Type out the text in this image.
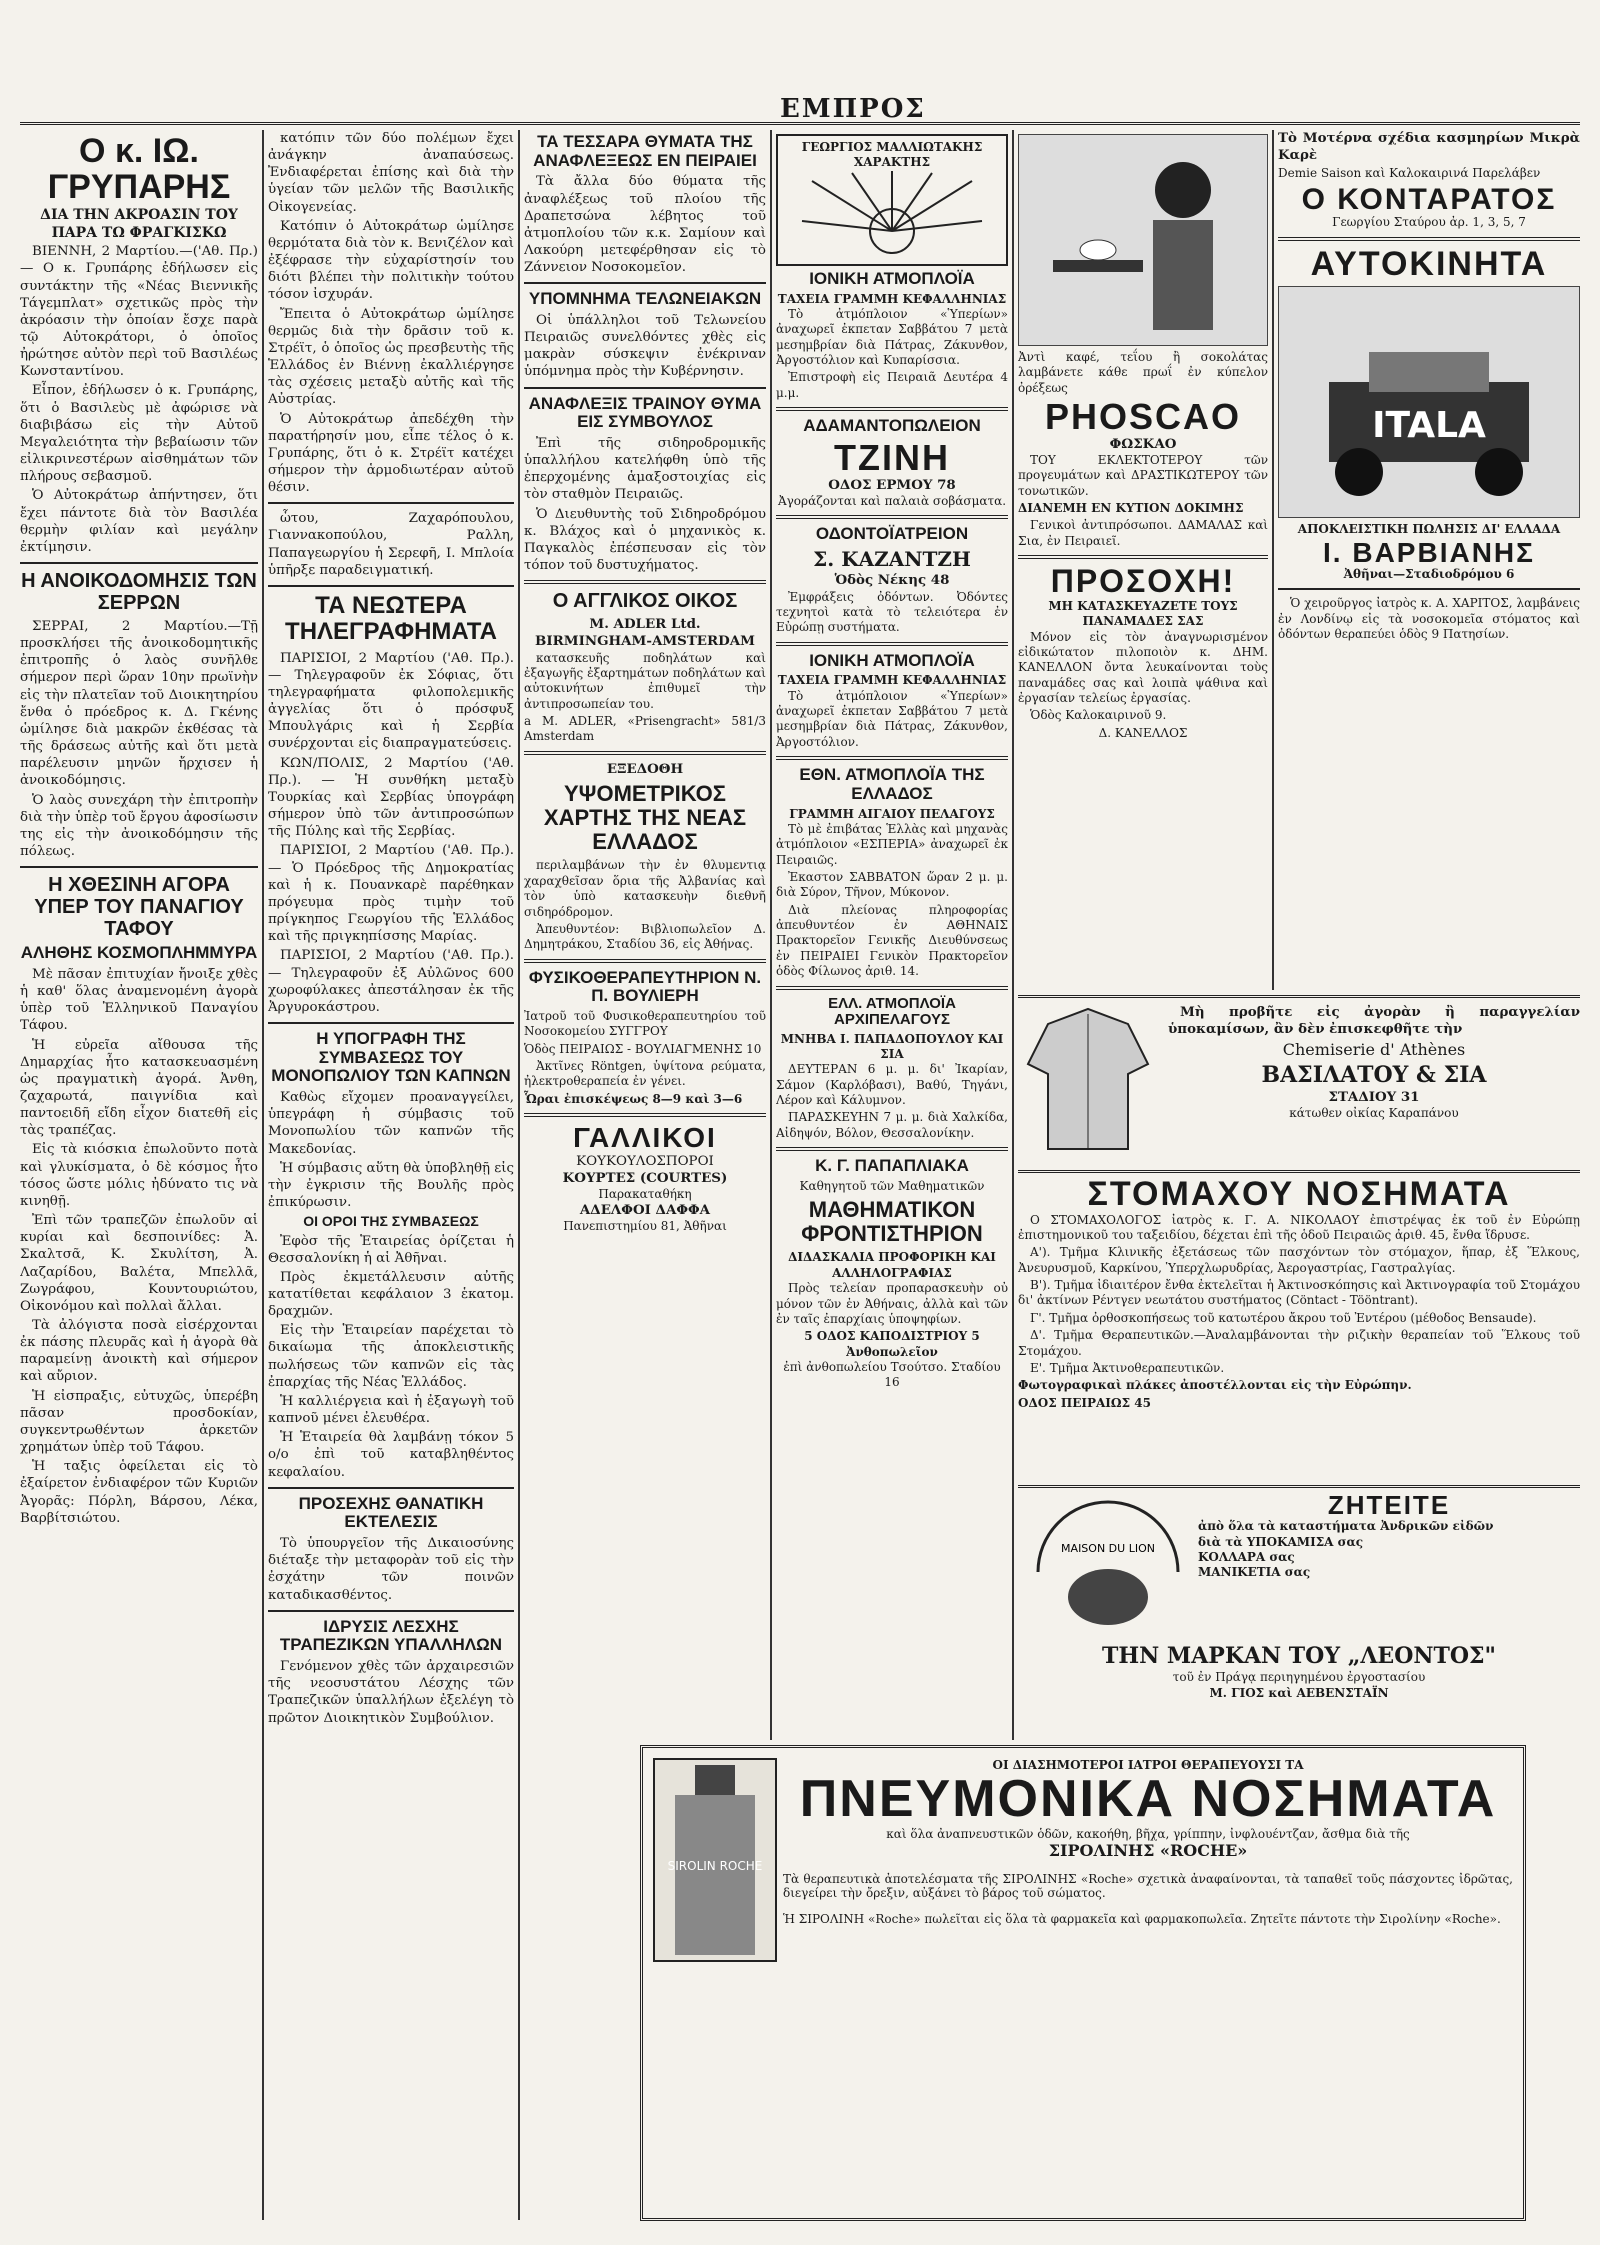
ΕΜΠΡΟΣ
Ο κ. ΙΩ. ΓΡΥΠΑΡΗΣ
ΔΙΑ ΤΗΝ ΑΚΡΟΑΣΙΝ ΤΟΥ ΠΑΡΑ ΤΩ ΦΡΑΓΚΙΣΚΩ

ΒΙΕΝΝΗ, 2 Μαρτίου.—('Αθ. Πρ.)— Ο κ. Γρυπάρης ἐδήλωσεν εἰς συντάκτην τῆς «Νέας Βιεννικῆς Τάγεμπλατ» σχετικῶς πρὸς τὴν ἀκρόασιν τὴν ὁποίαν ἔσχε παρὰ τῷ Αὐτοκράτορι, ὁ ὁποῖος ἠρώτησε αὐτὸν περὶ τοῦ Βασιλέως Κωνσταντίνου.

Εἶπον, ἐδήλωσεν ὁ κ. Γρυπάρης, ὅτι ὁ Βασιλεὺς μὲ ἀφώρισε νὰ διαβιβάσω εἰς τὴν Αὐτοῦ Μεγαλειότητα τὴν βεβαίωσιν τῶν εἰλικρινεστέρων αἰσθημάτων τῶν πλήρους σεβασμοῦ.

Ὁ Αὐτοκράτωρ ἀπήντησεν, ὅτι ἔχει πάντοτε διὰ τὸν Βασιλέα θερμὴν φιλίαν καὶ μεγάλην ἐκτίμησιν.

Η ΑΝΟΙΚΟΔΟΜΗΣΙΣ ΤΩΝ ΣΕΡΡΩΝ

ΣΕΡΡΑΙ, 2 Μαρτίου.—Τῇ προσκλήσει τῆς ἀνοικοδομητικῆς ἐπιτροπῆς ὁ λαὸς συνῆλθε σήμερον περὶ ὥραν 10ην πρωϊνὴν εἰς τὴν πλατεῖαν τοῦ Διοικητηρίου ἔνθα ὁ πρόεδρος κ. Δ. Γκένης ὡμίλησε διὰ μακρῶν ἐκθέσας τὰ τῆς δράσεως αὐτῆς καὶ ὅτι μετὰ παρέλευσιν μηνῶν ἤρχισεν ἡ ἀνοικοδόμησις.

Ὁ λαὸς συνεχάρη τὴν ἐπιτροπὴν διὰ τὴν ὑπὲρ τοῦ ἔργου ἀφοσίωσιν της εἰς τὴν ἀνοικοδόμησιν τῆς πόλεως.

Η ΧΘΕΣΙΝΗ ΑΓΟΡΑ ΥΠΕΡ ΤΟΥ ΠΑΝΑΓΙΟΥ ΤΑΦΟΥ
ΑΛΗΘΗΣ ΚΟΣΜΟΠΛΗΜΜΥΡΑ

Μὲ πᾶσαν ἐπιτυχίαν ἤνοιξε χθὲς ἡ καθ' ὅλας ἀναμενομένη ἀγορὰ ὑπὲρ τοῦ Ἐλληνικοῦ Παναγίου Τάφου.

Ἡ εὐρεῖα αἴθουσα τῆς Δημαρχίας ἦτο κατασκευασμένη ὡς πραγματικὴ ἀγορά. Ἀνθη, ζαχαρωτά, παιγνίδια καὶ παντοειδῆ εἴδη εἶχον διατεθῆ εἰς τὰς τραπέζας.

Εἰς τὰ κιόσκια ἐπωλοῦντο ποτὰ καὶ γλυκίσματα, ὁ δὲ κόσμος ἦτο τόσος ὥστε μόλις ἠδύνατο τις νὰ κινηθῇ.

Ἐπὶ τῶν τραπεζῶν ἐπωλοῦν αἱ κυρίαι καὶ δεσποινίδες: Ἀ. Σκαλτσᾶ, Κ. Σκυλίτση, Ἀ. Λαζαρίδου, Βαλέτα, Μπελλᾶ, Ζωγράφου, Κουντουριώτου, Οἰκονόμου καὶ πολλαὶ ἄλλαι.

Τὰ ἀλόγιστα ποσὰ εἰσέρχονται ἐκ πάσης πλευρᾶς καὶ ἡ ἀγορὰ θὰ παραμείνῃ ἀνοικτὴ καὶ σήμερον καὶ αὔριον.

Ἡ εἰσπραξις, εὐτυχῶς, ὑπερέβη πᾶσαν προσδοκίαν, συγκεντρωθέντων ἀρκετῶν χρημάτων ὑπὲρ τοῦ Τάφου.

Ἡ ταξις ὁφείλεται εἰς τὸ ἐξαίρετον ἐνδιαφέρον τῶν Κυριῶν Ἀγορᾶς: Πόρλη, Βάρσου, Λέκα, Βαρβίτσιώτου.

κατόπιν τῶν δύο πολέμων ἔχει ἀνάγκην ἀναπαύσεως. Ἐνδιαφέρεται ἐπίσης καὶ διὰ τὴν ὑγείαν τῶν μελῶν τῆς Βασιλικῆς Οἰκογενείας.

Κατόπιν ὁ Αὐτοκράτωρ ὡμίλησε θερμότατα διὰ τὸν κ. Βενιζέλον καὶ ἐξέφρασε τὴν εὐχαρίστησίν του διότι βλέπει τὴν πολιτικὴν τούτου τόσον ἰσχυράν.

Ἔπειτα ὁ Αὐτοκράτωρ ὡμίλησε θερμῶς διὰ τὴν δρᾶσιν τοῦ κ. Στρέϊτ, ὁ ὁποῖος ὡς πρεσβευτὴς τῆς Ἑλλάδος ἐν Βιέννῃ ἐκαλλιέργησε τὰς σχέσεις μεταξὺ αὐτῆς καὶ τῆς Αὐστρίας.

Ὁ Αὐτοκράτωρ ἀπεδέχθη τὴν παρατήρησίν μου, εἶπε τέλος ὁ κ. Γρυπάρης, ὅτι ὁ κ. Στρέϊτ κατέχει σήμερον τὴν ἁρμοδιωτέραν αὐτοῦ θέσιν.

ὧτου, Ζαχαρόπουλου, Γιαννακοπούλου, Ραλλη, Παπαγεωργίου ἡ Σερεφῆ, Ι. Μπλοία ὑπῆρξε παραδειγματική.

ΤΑ ΝΕΩΤΕΡΑ ΤΗΛΕΓΡΑΦΗΜΑΤΑ

ΠΑΡΙΣΙΟΙ, 2 Μαρτίου ('Αθ. Πρ.). — Τηλεγραφοῦν ἐκ Σόφιας, ὅτι τηλεγραφήματα φιλοπολεμικῆς ἀγγελίας ὅτι ὁ πρόσφυξ Μπουλγάρις καὶ ἡ Σερβία συνέρχονται εἰς διαπραγματεύσεις.

ΚΩΝ/ΠΟΛΙΣ, 2 Μαρτίου ('Αθ. Πρ.). — Ἡ συνθήκη μεταξὺ Τουρκίας καὶ Σερβίας ὑπογράφη σήμερον ὑπὸ τῶν ἀντιπροσώπων τῆς Πύλης καὶ τῆς Σερβίας.

ΠΑΡΙΣΙΟΙ, 2 Μαρτίου ('Αθ. Πρ.). — Ὁ Πρόεδρος τῆς Δημοκρατίας καὶ ἡ κ. Πουανκαρὲ παρέθηκαν πρόγευμα πρὸς τιμὴν τοῦ πρίγκηπος Γεωργίου τῆς Ἑλλάδος καὶ τῆς πριγκηπίσσης Μαρίας.

ΠΑΡΙΣΙΟΙ, 2 Μαρτίου ('Αθ. Πρ.). — Τηλεγραφοῦν ἐξ Αὐλῶνος 600 χωροφύλακες ἀπεστάλησαν ἐκ τῆς Ἀργυροκάστρου.

Η ΥΠΟΓΡΑΦΗ ΤΗΣ ΣΥΜΒΑΣΕΩΣ ΤΟΥ ΜΟΝΟΠΩΛΙΟΥ ΤΩΝ ΚΑΠΝΩΝ

Καθὼς εἴχομεν προαναγγείλει, ὑπεγράφη ἡ σύμβασις τοῦ Μονοπωλίου τῶν καπνῶν τῆς Μακεδονίας.

Ἡ σύμβασις αὕτη θὰ ὑποβληθῇ εἰς τὴν ἐγκρισιν τῆς Βουλῆς πρὸς ἐπικύρωσιν.

ΟΙ ΟΡΟΙ ΤΗΣ ΣΥΜΒΑΣΕΩΣ

Ἐφὸσ τῆς Ἑταιρείας ὁρίζεται ἡ Θεσσαλονίκη ἡ αἱ Ἀθῆναι.

Πρὸς ἐκμετάλλευσιν αὐτῆς κατατίθεται κεφάλαιον 3 ἑκατομ. δραχμῶν.

Εἰς τὴν Ἑταιρείαν παρέχεται τὸ δικαίωμα τῆς ἀποκλειστικῆς πωλήσεως τῶν καπνῶν εἰς τὰς ἐπαρχίας τῆς Νέας Ἑλλάδος.

Ἡ καλλιέργεια καὶ ἡ ἐξαγωγὴ τοῦ καπνοῦ μένει ἐλευθέρα.

Ἡ Ἑταιρεία θὰ λαμβάνῃ τόκον 5 ο/ο ἐπὶ τοῦ καταβληθέντος κεφαλαίου.

ΠΡΟΣΕΧΗΣ ΘΑΝΑΤΙΚΗ ΕΚΤΕΛΕΣΙΣ

Τὸ ὑπουργεῖον τῆς Δικαιοσύνης διέταξε τὴν μεταφορὰν τοῦ εἰς τὴν ἐσχάτην τῶν ποινῶν καταδικασθέντος.

ΙΔΡΥΣΙΣ ΛΕΣΧΗΣ ΤΡΑΠΕΖΙΚΩΝ ΥΠΑΛΛΗΛΩΝ

Γενόμενον χθὲς τῶν ἀρχαιρεσιῶν τῆς νεοσυστάτου Λέσχης τῶν Τραπεζικῶν ὑπαλλήλων ἐξελέγη τὸ πρῶτον Διοικητικὸν Συμβούλιον.

ΤΑ ΤΕΣΣΑΡΑ ΘΥΜΑΤΑ ΤΗΣ ΑΝΑΦΛΕΞΕΩΣ ΕΝ ΠΕΙΡΑΙΕΙ

Τὰ ἄλλα δύο θύματα τῆς ἀναφλέξεως τοῦ πλοίου τῆς Δραπετσώνα λέβητος τοῦ ἀτμοπλοίου τῶν κ.κ. Σαμίουν καὶ Λακούρη μετεφέρθησαν εἰς τὸ Ζάννειον Νοσοκομεῖον.

ΥΠΟΜΝΗΜΑ ΤΕΛΩΝΕΙΑΚΩΝ

Οἱ ὑπάλληλοι τοῦ Τελωνείου Πειραιῶς συνελθόντες χθὲς εἰς μακρὰν σύσκεψιν ἐνέκριναν ὑπόμνημα πρὸς τὴν Κυβέρνησιν.

ΑΝΑΦΛΕΞΙΣ ΤΡΑΙΝΟΥ ΘΥΜΑ ΕΙΣ ΣΥΜΒΟΥΛΟΣ

Ἐπὶ τῆς σιδηροδρομικῆς ὑπαλλήλου κατελήφθη ὑπὸ τῆς ἐπερχομένης ἁμαξοστοιχίας εἰς τὸν σταθμὸν Πειραιῶς.

Ὁ Διευθυντὴς τοῦ Σιδηροδρόμου κ. Βλάχος καὶ ὁ μηχανικὸς κ. Παγκαλὸς ἐπέσπευσαν εἰς τὸν τόπον τοῦ δυστυχήματος.

Ο ΑΓΓΛΙΚΟΣ ΟΙΚΟΣ
M. ADLER Ltd.
BIRMINGHAM-AMSTERDAM

κατασκευῆς ποδηλάτων καὶ ἐξαγωγῆς ἐξαρτημάτων ποδηλάτων καὶ αὐτοκινήτων ἐπιθυμεῖ τὴν ἀντιπροσωπείαν του.

a M. ADLER, «Prisengracht» 581/3 Amsterdam

ΕΞΕΔΟΘΗ
ΥΨΟΜΕΤΡΙΚΟΣ ΧΑΡΤΗΣ ΤΗΣ ΝΕΑΣ ΕΛΛΑΔΟΣ

περιλαμβάνων τὴν ἐν θλυμεντιᾳ χαραχθεῖσαν ὅρια τῆς Ἀλβανίας καὶ τὸν ὑπὸ κατασκευὴν διεθνῆ σιδηρόδρομον.

Ἀπευθυντέον: Βιβλιοπωλεῖον Δ. Δημητράκου, Σταδίου 36, εἰς Ἀθήνας.

ΦΥΣΙΚΟΘΕΡΑΠΕΥΤΗΡΙΟΝ Ν. Π. ΒΟΥΛΙΕΡΗ

Ἰατροῦ τοῦ Φυσικοθεραπευτηρίου τοῦ Νοσοκομείου ΣΥΓΓΡΟΥ

Ὁδὸς ΠΕΙΡΑΙΩΣ - ΒΟΥΛΙΑΓΜΕΝΗΣ 10

Ἀκτῖνες Röntgen, ὑψίτονα ρεύματα, ἠλεκτροθεραπεία ἐν γένει.

Ὧραι ἐπισκέψεως 8—9 καὶ 3—6

ΓΑΛΛΙΚΟΙ
ΚΟΥΚΟΥΛΟΣΠΟΡΟΙ
ΚΟΥΡΤΕΣ (COURTES)
Παρακαταθήκη
ΑΔΕΛΦΟΙ ΔΑΦΦΑ
Πανεπιστημίου 81, Ἀθῆναι
ΓΕΩΡΓΙΟΣ ΜΑΛΛΙΩΤΑΚΗΣ ΧΑΡΑΚΤΗΣ
ΙΟΝΙΚΗ ΑΤΜΟΠΛΟΪΑ
ΤΑΧΕΙΑ ΓΡΑΜΜΗ ΚΕΦΑΛΛΗΝΙΑΣ

Τὸ ἀτμόπλοιον «Ὑπερίων» ἀναχωρεῖ ἐκπεταν Σαββάτου 7 μετὰ μεσημβρίαν διὰ Πάτρας, Ζάκυνθον, Ἀργοστόλιον καὶ Κυπαρίσσια.

Ἐπιστροφὴ εἰς Πειραιᾶ Δευτέρα 4 μ.μ.

ΑΔΑΜΑΝΤΟΠΩΛΕΙΟΝ
ΤΖΙΝΗ
ΟΔΟΣ ΕΡΜΟΥ 78
Ἀγοράζονται καὶ παλαιὰ σοβάσματα.
ΟΔΟΝΤΟΪΑΤΡΕΙΟΝ
Σ. ΚΑΖΑΝΤΖΗ
Ὁδὸς Νέκης 48

Ἐμφράξεις ὀδόντων. Ὀδόντες τεχνητοὶ κατὰ τὸ τελειότερα ἐν Εὐρώπῃ συστήματα.

ΙΟΝΙΚΗ ΑΤΜΟΠΛΟΪΑ
ΤΑΧΕΙΑ ΓΡΑΜΜΗ ΚΕΦΑΛΛΗΝΙΑΣ

Τὸ ἀτμόπλοιον «Ὑπερίων» ἀναχωρεῖ ἐκπεταν Σαββάτου 7 μετὰ μεσημβρίαν διὰ Πάτρας, Ζάκυνθον, Ἀργοστόλιον.

ΕΘΝ. ΑΤΜΟΠΛΟΪΑ ΤΗΣ ΕΛΛΑΔΟΣ
ΓΡΑΜΜΗ ΑΙΓΑΙΟΥ ΠΕΛΑΓΟΥΣ

Τὸ μὲ ἐπιβάτας Ἑλλὰς καὶ μηχανὰς ἀτμόπλοιον «ΕΣΠΕΡΙΑ» ἀναχωρεῖ ἐκ Πειραιῶς.

Ἐκαστον ΣΑΒΒΑΤΟΝ ὥραν 2 μ. μ. διὰ Σύρον, Τῆνον, Μύκονον.

Διὰ πλείονας πληροφορίας ἀπευθυντέον ἐν ΑΘΗΝΑΙΣ Πρακτορεῖον Γενικῆς Διευθύνσεως ἐν ΠΕΙΡΑΙΕΙ Γενικὸν Πρακτορεῖον ὁδὸς Φίλωνος ἀριθ. 14.

ΕΛΛ. ΑΤΜΟΠΛΟΪΑ ΑΡΧΙΠΕΛΑΓΟΥΣ
ΜΝΗΒΑ Ι. ΠΑΠΑΔΟΠΟΥΛΟΥ ΚΑΙ ΣΙΑ

ΔΕΥΤΕΡΑΝ 6 μ. μ. δι' Ἰκαρίαν, Σάμον (Καρλόβασι), Βαθύ, Τηγάνι, Λέρον καὶ Κάλυμνον.

ΠΑΡΑΣΚΕΥΗΝ 7 μ. μ. διὰ Χαλκίδα, Αἰδηψόν, Βόλον, Θεσσαλονίκην.

Κ. Γ. ΠΑΠΑΠΛΙΑΚΑ
Καθηγητοῦ τῶν Μαθηματικῶν
ΜΑΘΗΜΑΤΙΚΟΝ ΦΡΟΝΤΙΣΤΗΡΙΟΝ
ΔΙΔΑΣΚΑΛΙΑ ΠΡΟΦΟΡΙΚΗ ΚΑΙ ΑΛΛΗΛΟΓΡΑΦΙΑΣ

Πρὸς τελείαν προπαρασκευὴν οὐ μόνον τῶν ἐν Ἀθήναις, ἀλλὰ καὶ τῶν ἐν ταῖς ἐπαρχίαις ὑποψηφίων.

5 ΟΔΟΣ ΚΑΠΟΔΙΣΤΡΙΟΥ 5
Ἀνθοπωλεῖον
ἐπὶ ἀνθοπωλείου Τσούτσο. Σταδίου 16

Ἀντὶ καφέ, τεΐου ἢ σοκολάτας λαμβάνετε κάθε πρωΐ ἐν κύπελον ὀρέξεως

PHOSCAO
ΦΩΣΚΑΟ

ΤΟΥ ΕΚΛΕΚΤΟΤΕΡΟΥ τῶν προγευμάτων καὶ ΔΡΑΣΤΙΚΩΤΕΡΟΥ τῶν τονωτικῶν.

ΔΙΑΝΕΜΗ ΕΝ ΚΥΤΙΟΝ ΔΟΚΙΜΗΣ

Γενικοὶ ἀντιπρόσωποι. ΔΑΜΑΛΑΣ καὶ Σια, ἐν Πειραιεῖ.

ΠΡΟΣΟΧΗ!
ΜΗ ΚΑΤΑΣΚΕΥΑΖΕΤΕ ΤΟΥΣ ΠΑΝΑΜΑΔΕΣ ΣΑΣ

Μόνον εἰς τὸν ἀναγνωρισμένον εἰδικώτατον πιλοποιὸν κ. ΔΗΜ. ΚΑΝΕΛΛΟΝ ὄντα λευκαίνονται τοὺς παναμάδες σας καὶ λοιπὰ ψάθινα καὶ ἐργασίαν τελείως ἐργασίας.

Ὁδὸς Καλοκαιρινοῦ 9.

Δ. ΚΑΝΕΛΛΟΣ

Τὸ Μοτέρνα σχέδια κασμηρίων Μικρὰ Καρὲ

Demie Saison καὶ Καλοκαιρινά Παρελάβεν

Ο ΚΟΝΤΑΡΑΤΟΣ
Γεωργίου Σταύρου ἀρ. 1, 3, 5, 7
ΑΥΤΟΚΙΝΗΤΑ
ITALA
ΑΠΟΚΛΕΙΣΤΙΚΗ ΠΩΛΗΣΙΣ ΔΙ' ΕΛΛΑΔΑ
Ι. ΒΑΡΒΙΑΝΗΣ
Ἀθῆναι—Σταδιοδρόμου 6

Ὁ χειροῦργος ἰατρὸς κ. Α. ΧΑΡΙΤΟΣ, λαμβάνεις ἐν Λονδίνῳ εἰς τὰ νοσοκομεῖα στόματος καὶ ὀδόντων θεραπεύει ὁδὸς 9 Πατησίων.

Μὴ προβῆτε εἰς ἀγορὰν ἢ παραγγελίαν ὑποκαμίσων, ἂν δὲν ἐπισκεφθῆτε τὴν

Chemiserie d' Athènes
ΒΑΣΙΛΑΤΟΥ & ΣΙΑ
ΣΤΑΔΙΟΥ 31
κάτωθεν οἰκίας Καραπάνου
ΣΤΟΜΑΧΟΥ ΝΟΣΗΜΑΤΑ

Ο ΣΤΟΜΑΧΟΛΟΓΟΣ ἰατρὸς κ. Γ. Α. ΝΙΚΟΛΑΟΥ ἐπιστρέψας ἐκ τοῦ ἐν Εὐρώπῃ ἐπιστημονικοῦ του ταξειδίου, δέχεται ἐπὶ τῆς ὁδοῦ Πειραιῶς ἀριθ. 45, ἔνθα ἵδρυσε.

Α'). Τμῆμα Κλινικῆς ἐξετάσεως τῶν πασχόντων τὸν στόμαχον, ἥπαρ, ἐξ Ἕλκους, Ἀνευρυσμοῦ, Καρκίνου, Ὑπερχλωρυδρίας, Ἀερογαστρίας, Γαστραλγίας.

Β'). Τμῆμα ἰδιαιτέρον ἔνθα ἐκτελεῖται ἡ Ἀκτινοσκόπησις καὶ Ἀκτινογραφία τοῦ Στομάχου δι' ἀκτίνων Ρέντγεν νεωτάτου συστήματος (Cöntact - Tööntrant).

Γ'. Τμῆμα ὀρθοσκοπήσεως τοῦ κατωτέρου ἄκρου τοῦ Ἐντέρου (μέθοδος Bensaude).

Δ'. Τμῆμα Θεραπευτικῶν.—Ἀναλαμβάνονται τὴν ριζικὴν θεραπείαν τοῦ Ἕλκους τοῦ Στομάχου.

Ε'. Τμῆμα Ἀκτινοθεραπευτικῶν.

Φωτογραφικαὶ πλάκες ἀποστέλλονται εἰς τὴν Εὐρώπην.

ΟΔΟΣ ΠΕΙΡΑΙΩΣ 45

MAISON DU LION
ΖΗΤΕΙΤΕ
ἀπὸ ὅλα τὰ καταστήματα Ἀνδρικῶν εἰδῶν
διὰ τὰ ΥΠΟΚΑΜΙΣΑ σας
ΚΟΛΛΑΡΑ σας
ΜΑΝΙΚΕΤΙΑ σας
ΤΗΝ ΜΑΡΚΑΝ ΤΟΥ „ΛΕΟΝΤΟΣ"
τοῦ ἐν Πράγᾳ περιηγημένου ἐργοστασίου
Μ. ΓΙΟΣ καὶ ΑΕΒΕΝΣΤΑΪΝ
SIROLIN ROCHE
ΟΙ ΔΙΑΣΗΜΟΤΕΡΟΙ ΙΑΤΡΟΙ ΘΕΡΑΠΕΥΟΥΣΙ ΤΑ
ΠΝΕΥΜΟΝΙΚΑ ΝΟΣΗΜΑΤΑ
καὶ ὅλα ἀναπνευστικῶν ὁδῶν, κακοήθη, βῆχα, γρίππην, ἰνφλουέντζαν, ἄσθμα διὰ τῆς
ΣΙΡΟΛΙΝΗΣ «ROCHE»

Τὰ θεραπευτικὰ ἀποτελέσματα τῆς ΣΙΡΟΛΙΝΗΣ «Roche» σχετικὰ ἀναφαίνονται, τὰ ταπαθεῖ τοῦς πάσχοντες ἰδρῶτας, διεγείρει τὴν ὄρεξιν, αὐξάνει τὸ βάρος τοῦ σώματος.

Ἡ ΣΙΡΟΛΙΝΗ «Roche» πωλεῖται εἰς ὅλα τὰ φαρμακεῖα καὶ φαρμακοπωλεῖα. Ζητεῖτε πάντοτε τὴν Σιρολίνην «Roche».
